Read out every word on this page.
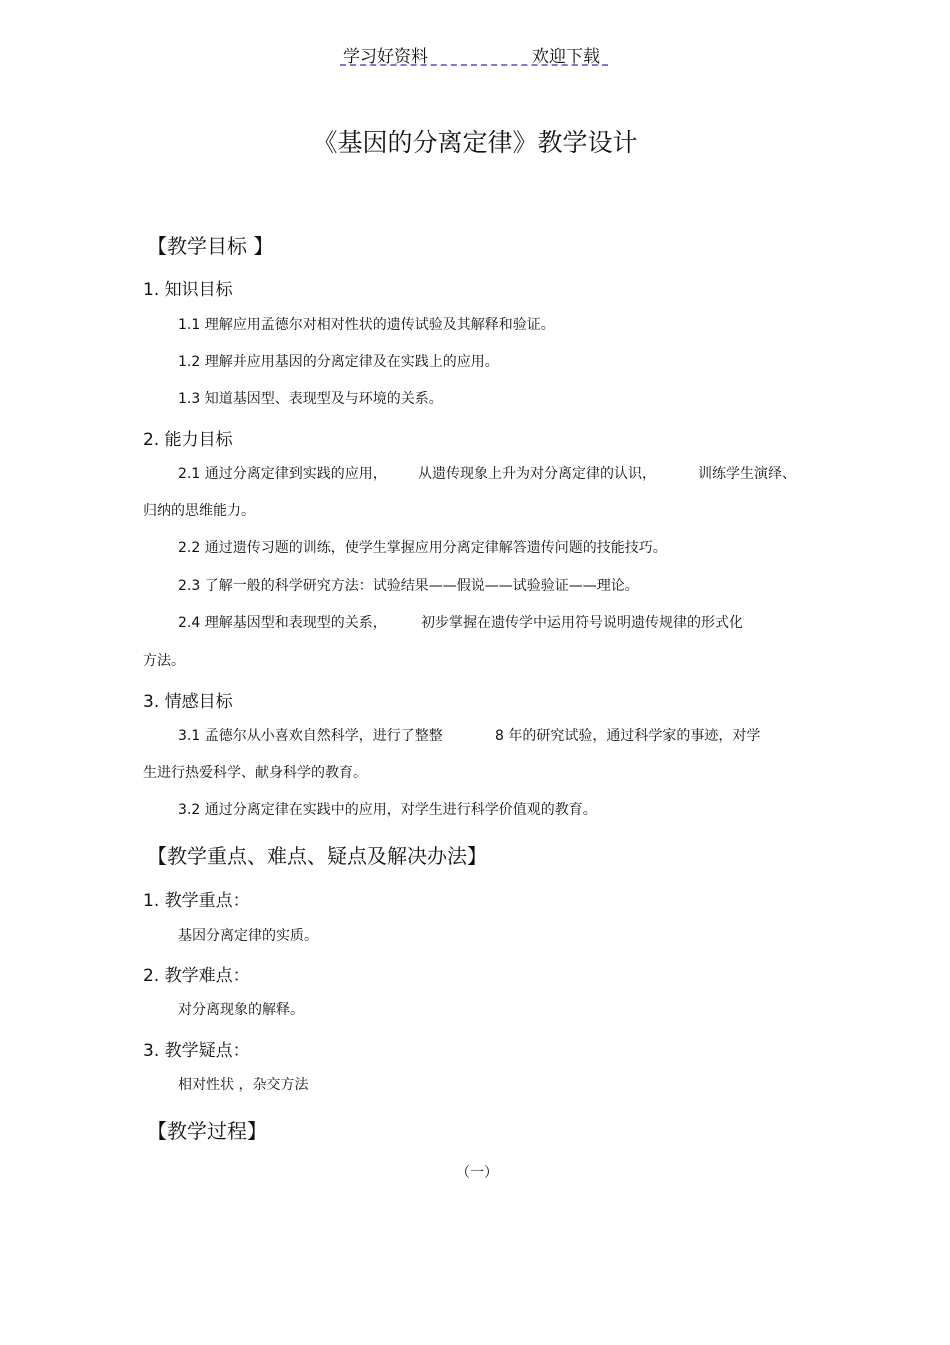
学习好资料	欢迎下载
《基因的分离定律》教学设计
【教学目标 】
1. 知识目标
1.1 理解应用孟德尔对相对性状的遗传试验及其解释和验证。
1.2 理解并应用基因的分离定律及在实践上的应用。
1.3 知道基因型、表现型及与环境的关系。
2. 能力目标
2.1 通过分离定律到实践的应用， 从遗传现象上升为对分离定律的认识，	训练学生演绎、
归纳的思维能力。
2.2 通过遗传习题的训练，使学生掌握应用分离定律解答遗传问题的技能技巧。
2.3 了解一般的科学研究方法：试验结果——假说——试验验证——理论。
2.4 理解基因型和表现型的关系， 初步掌握在遗传学中运用符号说明遗传规律的形式化
方法。
3. 情感目标
3.1 孟德尔从小喜欢自然科学，进行了整整	8 年的研究试验，通过科学家的事迹，对学
生进行热爱科学、献身科学的教育。
3.2 通过分离定律在实践中的应用，对学生进行科学价值观的教育。
【教学重点、难点、疑点及解决办法】
1. 教学重点：
基因分离定律的实质。
2. 教学难点：
对分离现象的解释。
3. 教学疑点：
相对性状 ，杂交方法
【教学过程】
（一）
